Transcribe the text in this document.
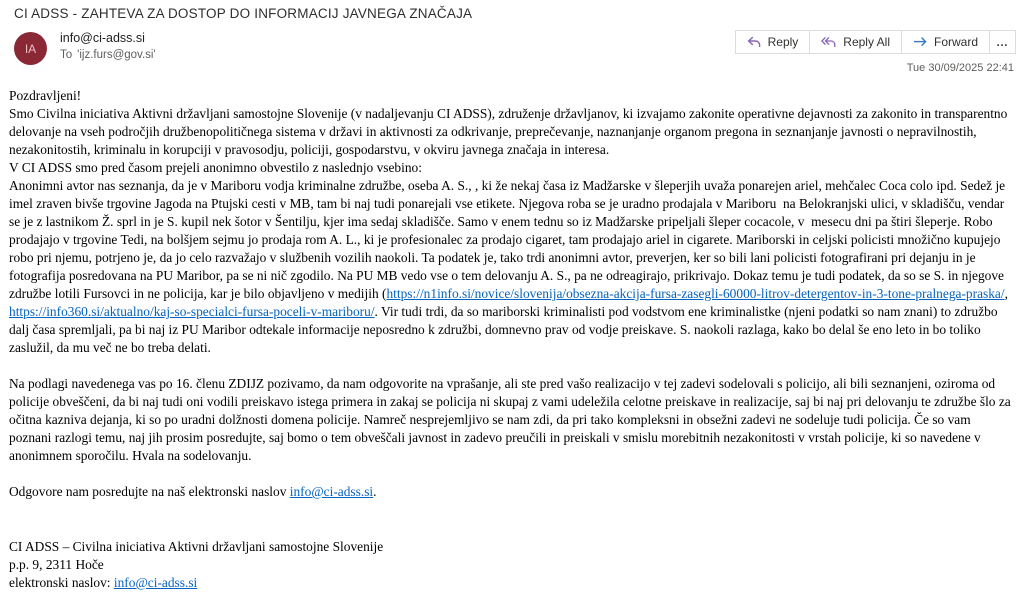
CI ADSS - ZAHTEVA ZA DOSTOP DO INFORMACIJ JAVNEGA ZNAČAJA
IA
info@ci-adss.si
To 'ijz.furs@gov.si'
Reply	Reply All	Forward …
Tue 30/09/2025 22:41
Pozdravljeni!
Smo Civilna iniciativa Aktivni državljani samostojne Slovenije (v nadaljevanju CI ADSS), združenje državljanov, ki izvajamo zakonite operativne dejavnosti za zakonito in transparentno delovanje na vseh področjih družbenopolitičnega sistema v državi in aktivnosti za odkrivanje, preprečevanje, naznanjanje organom pregona in seznanjanje javnosti o nepravilnostih, nezakonitostih, kriminalu in korupciji v pravosodju, policiji, gospodarstvu, v okviru javnega značaja in interesa.
V CI ADSS smo pred časom prejeli anonimno obvestilo z naslednjo vsebino:
Anonimni avtor nas seznanja, da je v Mariboru vodja kriminalne združbe, oseba A. S., , ki že nekaj časa iz Madžarske v šleperjih uvaža ponarejen ariel, mehčalec Coca colo ipd. Sedež je imel zraven bivše trgovine Jagoda na Ptujski cesti v MB, tam bi naj tudi ponarejali vse etikete. Njegova roba se je uradno prodajala v Mariboru  na Belokranjski ulici, v skladišču, vendar se je z lastnikom Ž. sprl in je S. kupil nek šotor v Šentilju, kjer ima sedaj skladišče. Samo v enem tednu so iz Madžarske pripeljali šleper cocacole, v  mesecu dni pa štiri šleperje. Robo prodajajo v trgovine Tedi, na bolšjem sejmu jo prodaja rom A. L., ki je profesionalec za prodajo cigaret, tam prodajajo ariel in cigarete. Mariborski in celjski policisti množično kupujejo robo pri njemu, potrjeno je, da jo celo razvažajo v službenih vozilih naokoli. Ta podatek je, tako trdi anonimni avtor, preverjen, ker so bili lani policisti fotografirani pri dejanju in je fotografija posredovana na PU Maribor, pa se ni nič zgodilo. Na PU MB vedo vse o tem delovanju A. S., pa ne odreagirajo, prikrivajo. Dokaz temu je tudi podatek, da so se S. in njegove združbe lotili Fursovci in ne policija, kar je bilo objavljeno v medijih (https://n1info.si/novice/slovenija/obsezna-akcija-fursa-zasegli-60000-litrov-detergentov-in-3-tone-pralnega-praska/, https://info360.si/aktualno/kaj-so-specialci-fursa-poceli-v-mariboru/. Vir tudi trdi, da so mariborski kriminalisti pod vodstvom ene kriminalistke (njeni podatki so nam znani) to združbo dalj časa spremljali, pa bi naj iz PU Maribor odtekale informacije neposredno k združbi, domnevno prav od vodje preiskave. S. naokoli razlaga, kako bo delal še eno leto in bo toliko zaslužil, da mu več ne bo treba delati.
Na podlagi navedenega vas po 16. členu ZDIJZ pozivamo, da nam odgovorite na vprašanje, ali ste pred vašo realizacijo v tej zadevi sodelovali s policijo, ali bili seznanjeni, oziroma od policije obveščeni, da bi naj tudi oni vodili preiskavo istega primera in zakaj se policija ni skupaj z vami udeležila celotne preiskave in realizacije, saj bi naj pri delovanju te združbe šlo za očitna kazniva dejanja, ki so po uradni dolžnosti domena policije. Namreč nesprejemljivo se nam zdi, da pri tako kompleksni in obsežni zadevi ne sodeluje tudi policija. Če so vam poznani razlogi temu, naj jih prosim posredujte, saj bomo o tem obveščali javnost in zadevo preučili in preiskali v smislu morebitnih nezakonitosti v vrstah policije, ki so navedene v anonimnem sporočilu. Hvala na sodelovanju.
Odgovore nam posredujte na naš elektronski naslov info@ci-adss.si.
CI ADSS – Civilna iniciativa Aktivni državljani samostojne Slovenije
p.p. 9, 2311 Hoče
elektronski naslov: info@ci-adss.si
